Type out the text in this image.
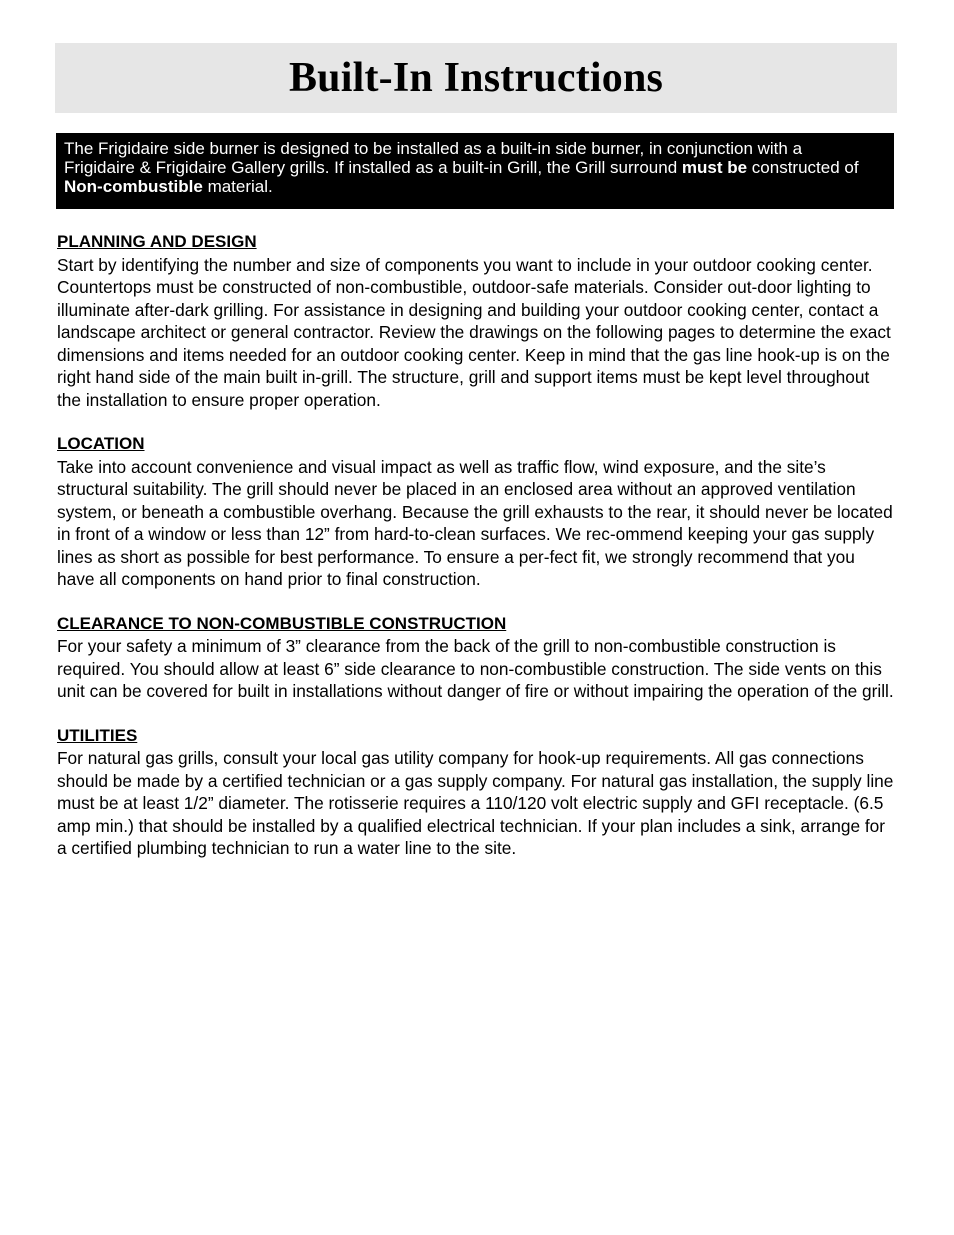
Built-In Instructions
The Frigidaire side burner is designed to be installed as a built-in side burner, in conjunction with a Frigidaire & Frigidaire Gallery grills. If installed as a built-in Grill, the Grill surround must be constructed of Non-combustible material.
PLANNING AND DESIGN

Start by identifying the number and size of components you want to include in your outdoor cooking center. Countertops must be constructed of non-combustible, outdoor-safe materials. Consider out-door lighting to illuminate after-dark grilling. For assistance in designing and building your outdoor cooking center, contact a landscape architect or general contractor. Review the drawings on the following pages to determine the exact dimensions and items needed for an outdoor cooking center. Keep in mind that the gas line hook-up is on the right hand side of the main built in-grill. The structure, grill and support items must be kept level throughout the installation to ensure proper operation.

LOCATION

Take into account convenience and visual impact as well as traffic flow, wind exposure, and the site’s structural suitability. The grill should never be placed in an enclosed area without an approved ventilation system, or beneath a combustible overhang. Because the grill exhausts to the rear, it should never be located in front of a window or less than 12” from hard-to-clean surfaces. We rec-ommend keeping your gas supply lines as short as possible for best performance. To ensure a per-fect fit, we strongly recommend that you have all components on hand prior to final construction.

CLEARANCE TO NON-COMBUSTIBLE CONSTRUCTION

For your safety a minimum of 3” clearance from the back of the grill to non-combustible construction is required. You should allow at least 6” side clearance to non-combustible construction. The side vents on this unit can be covered for built in installations without danger of fire or without impairing the operation of the grill.

UTILITIES

For natural gas grills, consult your local gas utility company for hook-up requirements. All gas connections should be made by a certified technician or a gas supply company. For natural gas installation, the supply line must be at least 1/2” diameter. The rotisserie requires a 110/120 volt electric supply and GFI receptacle. (6.5 amp min.) that should be installed by a qualified electrical technician. If your plan includes a sink, arrange for a certified plumbing technician to run a water line to the site.
